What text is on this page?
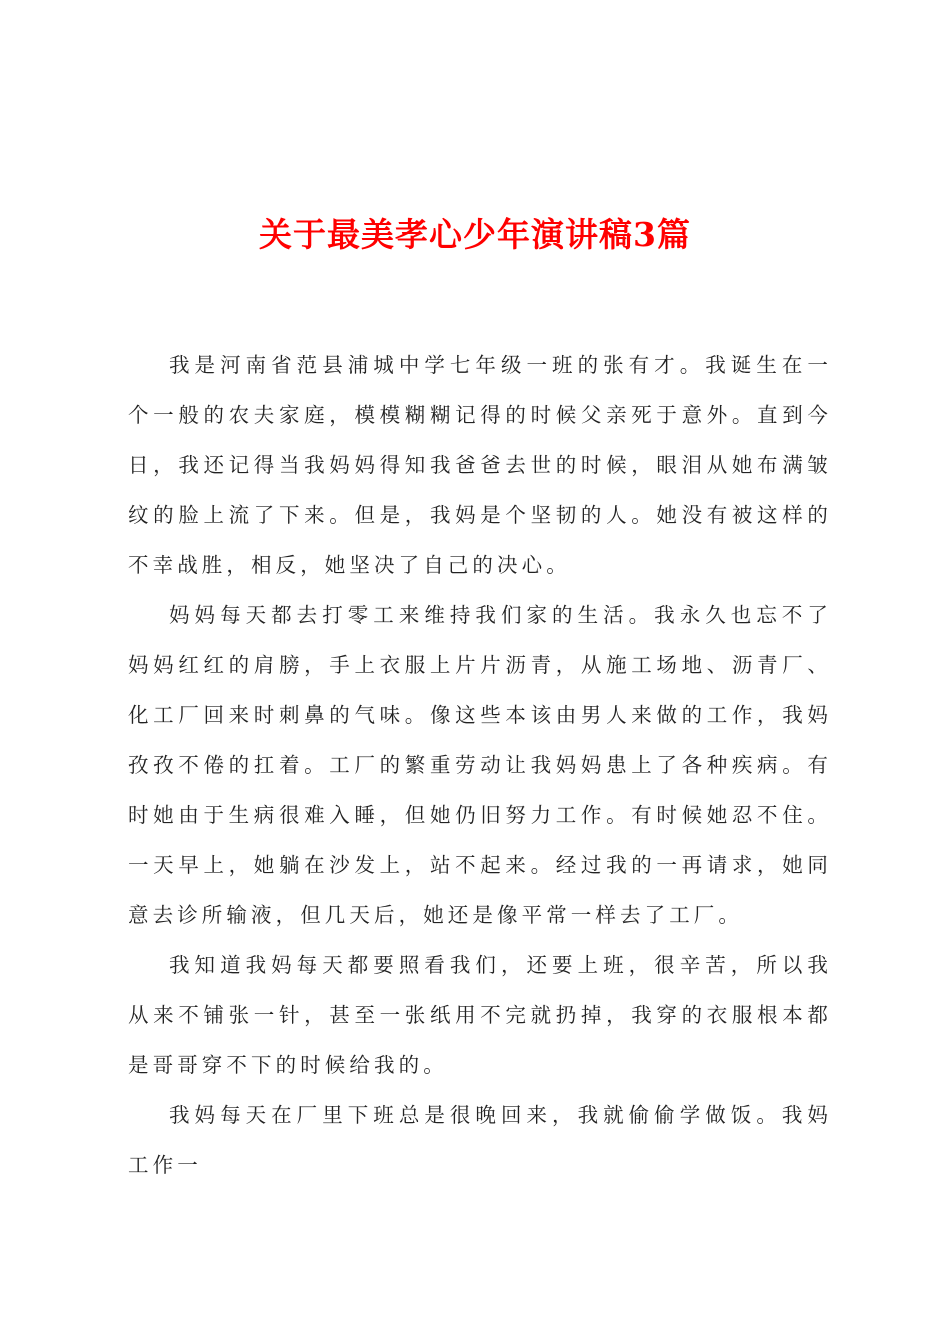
关于最美孝心少年演讲稿3篇

我是河南省范县浦城中学七年级一班的张有才。我诞生在一个一般的农夫家庭，模模糊糊记得的时候父亲死于意外。直到今日，我还记得当我妈妈得知我爸爸去世的时候，眼泪从她布满皱纹的脸上流了下来。但是，我妈是个坚韧的人。她没有被这样的不幸战胜，相反，她坚决了自己的决心。

妈妈每天都去打零工来维持我们家的生活。我永久也忘不了妈妈红红的肩膀，手上衣服上片片沥青，从施工场地、沥青厂、化工厂回来时刺鼻的气味。像这些本该由男人来做的工作，我妈孜孜不倦的扛着。工厂的繁重劳动让我妈妈患上了各种疾病。有时她由于生病很难入睡，但她仍旧努力工作。有时候她忍不住。一天早上，她躺在沙发上，站不起来。经过我的一再请求，她同意去诊所输液，但几天后，她还是像平常一样去了工厂。

我知道我妈每天都要照看我们，还要上班，很辛苦，所以我从来不铺张一针，甚至一张纸用不完就扔掉，我穿的衣服根本都是哥哥穿不下的时候给我的。

我妈每天在厂里下班总是很晚回来，我就偷偷学做饭。我妈工作一
